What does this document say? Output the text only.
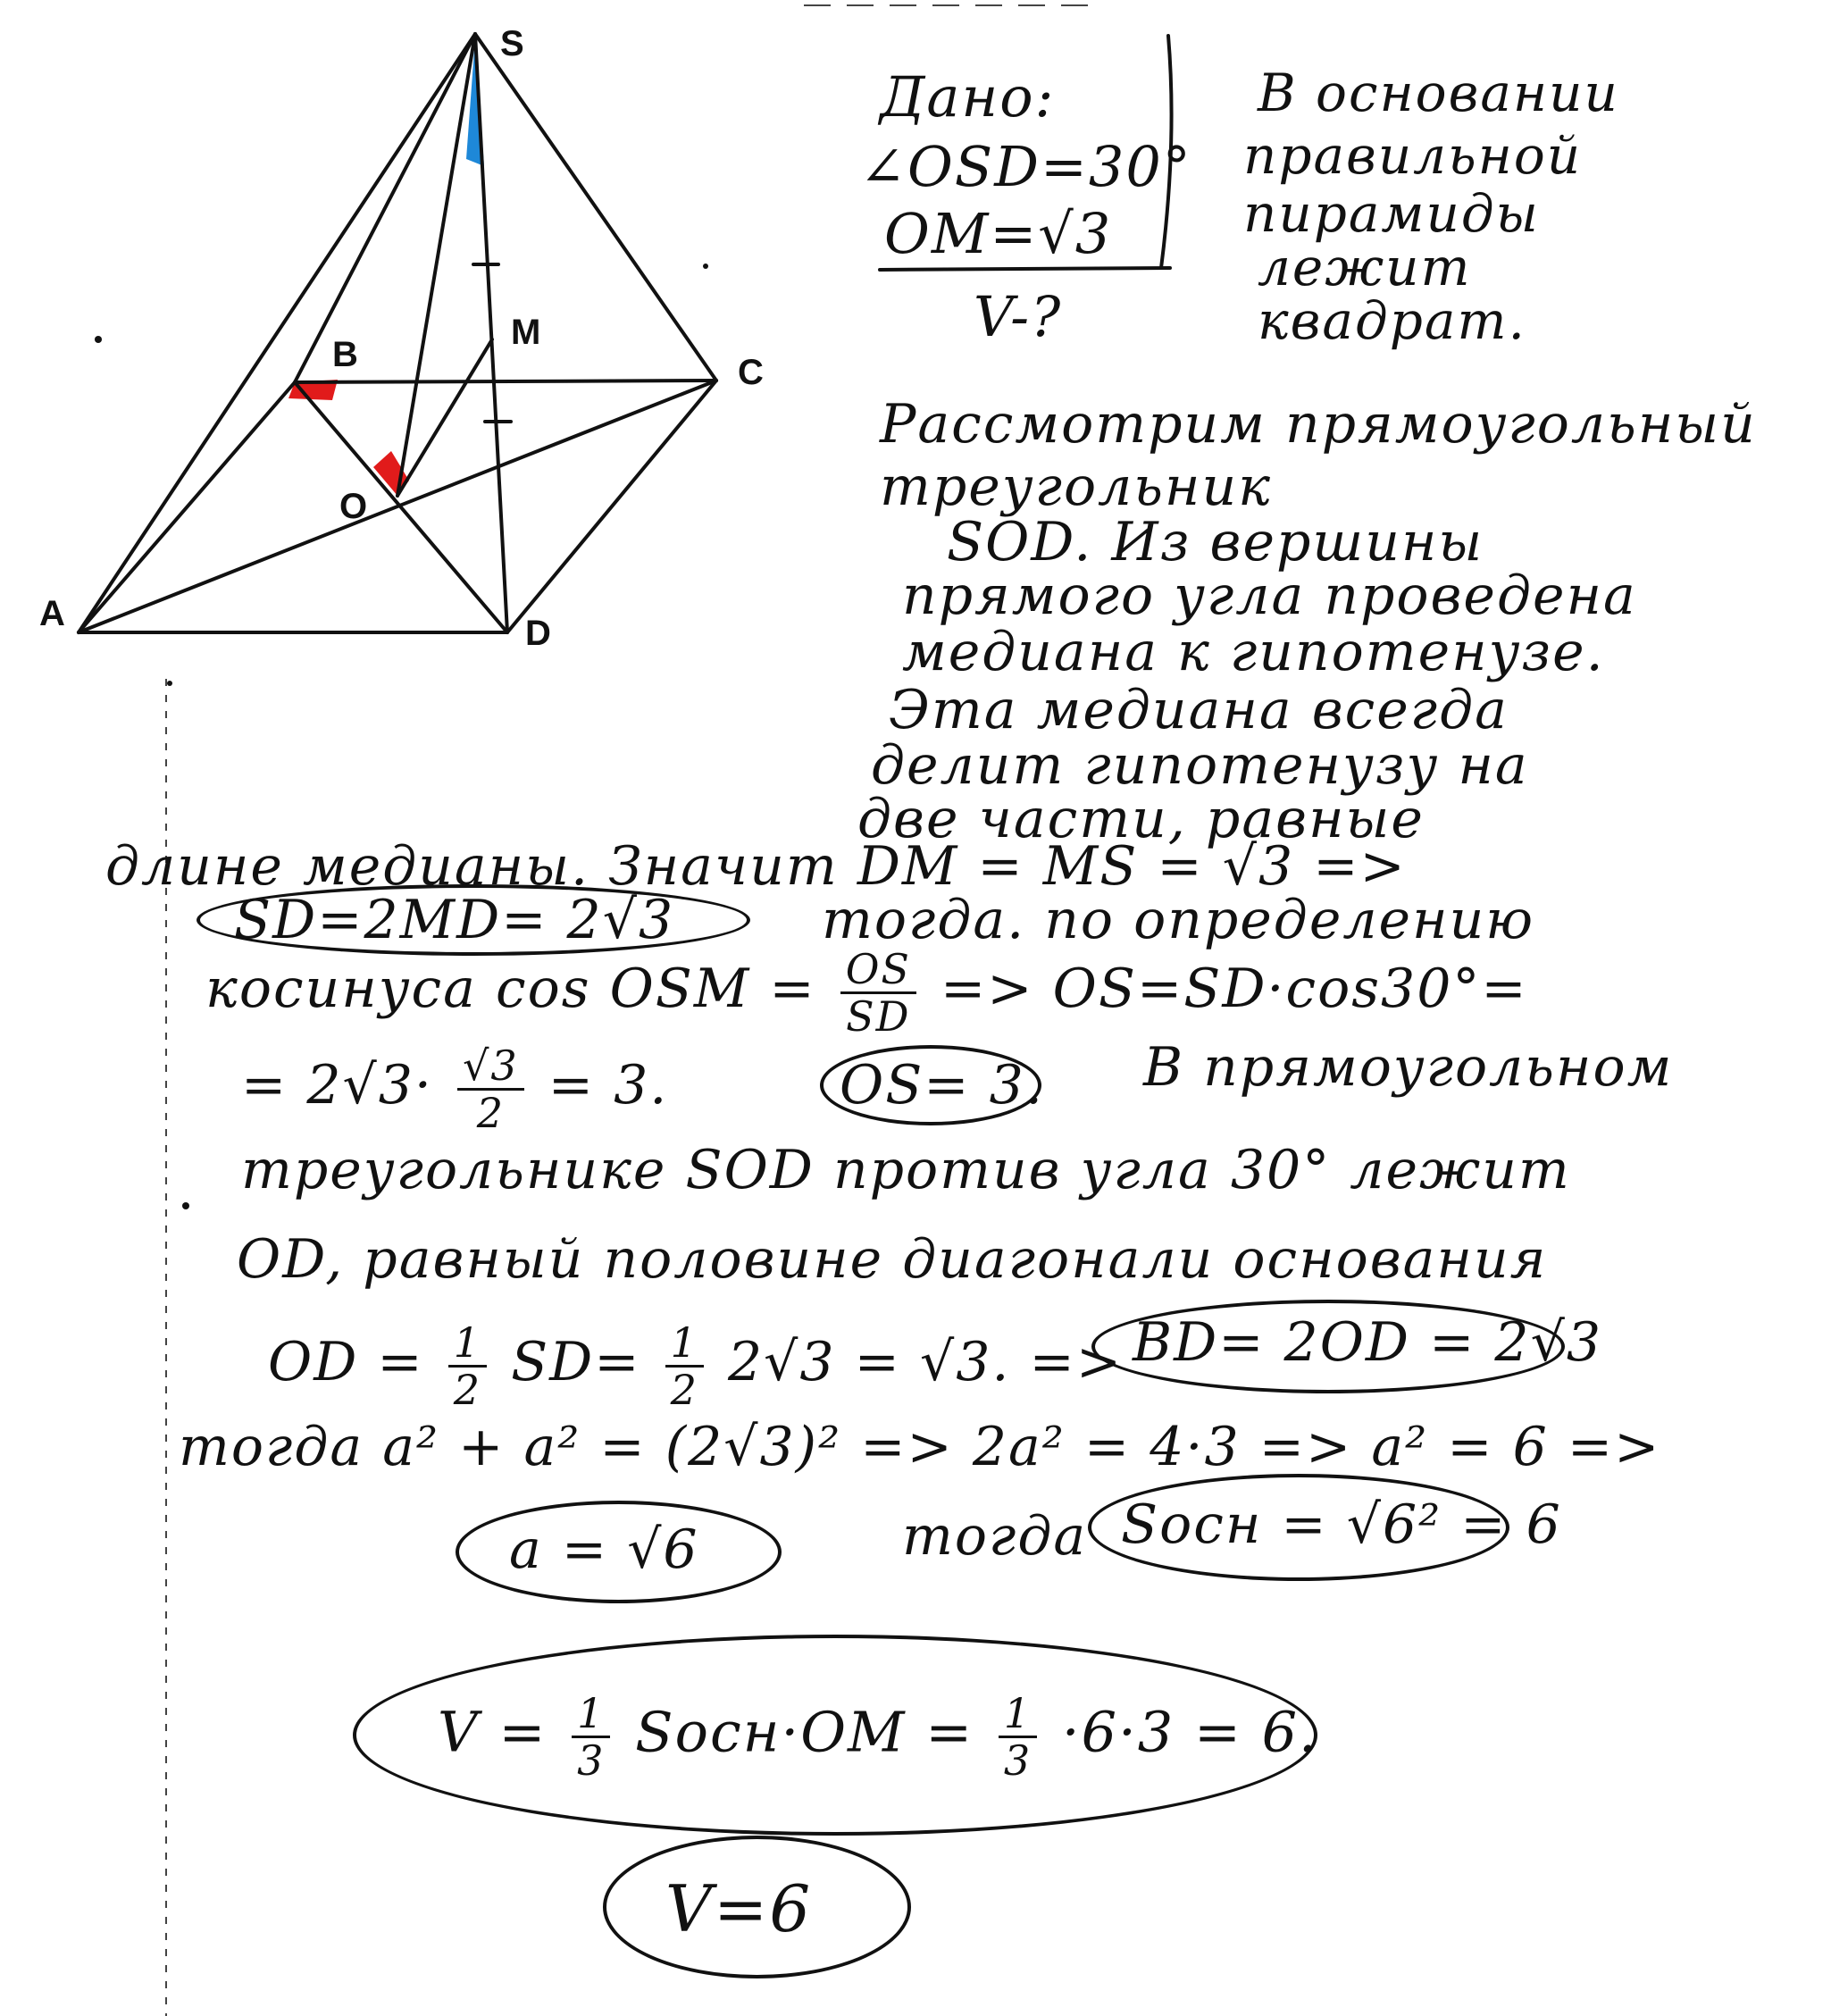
S
B
M
C
O
A	D
Дано:
∠OSD=30°
OM=√3
V-?
В основании
правильной
пирамиды
лежит
квадрат.
Рассмотрим прямоугольный
треугольник
SOD. Из вершины
прямого угла проведена
медиана к гипотенузе.
Эта медиана всегда
делит гипотенузу на
две части, равные
длине медианы. Значит DM = MS = √3 =>
SD=2MD= 2√3	тогда. по определению
косинуса cos OSM = $\frac{OS}{SD} => OS=SD\cdot\cos 30^\circ=$
= $2√3\cdot \frac{√3}{2} = 3$.	OS= 3. В прямоугольном
треугольнике SOD против угла 30° лежит
OD, равный половине диагонали основания
OD = $\frac{1}{2} SD= \frac{1}{2} 2√3 = √3$. => BD= 2OD = 2√3
тогда a² + a² = (2√3)² => 2a² = 4·3 => a² = 6 =>
a = √6	тогда Sосн = √6² = 6
$V = \frac{1}{3}$ Sосн·OM = $\frac{1}{3} \cdot 6\cdot 3 = 6$.
V=6
